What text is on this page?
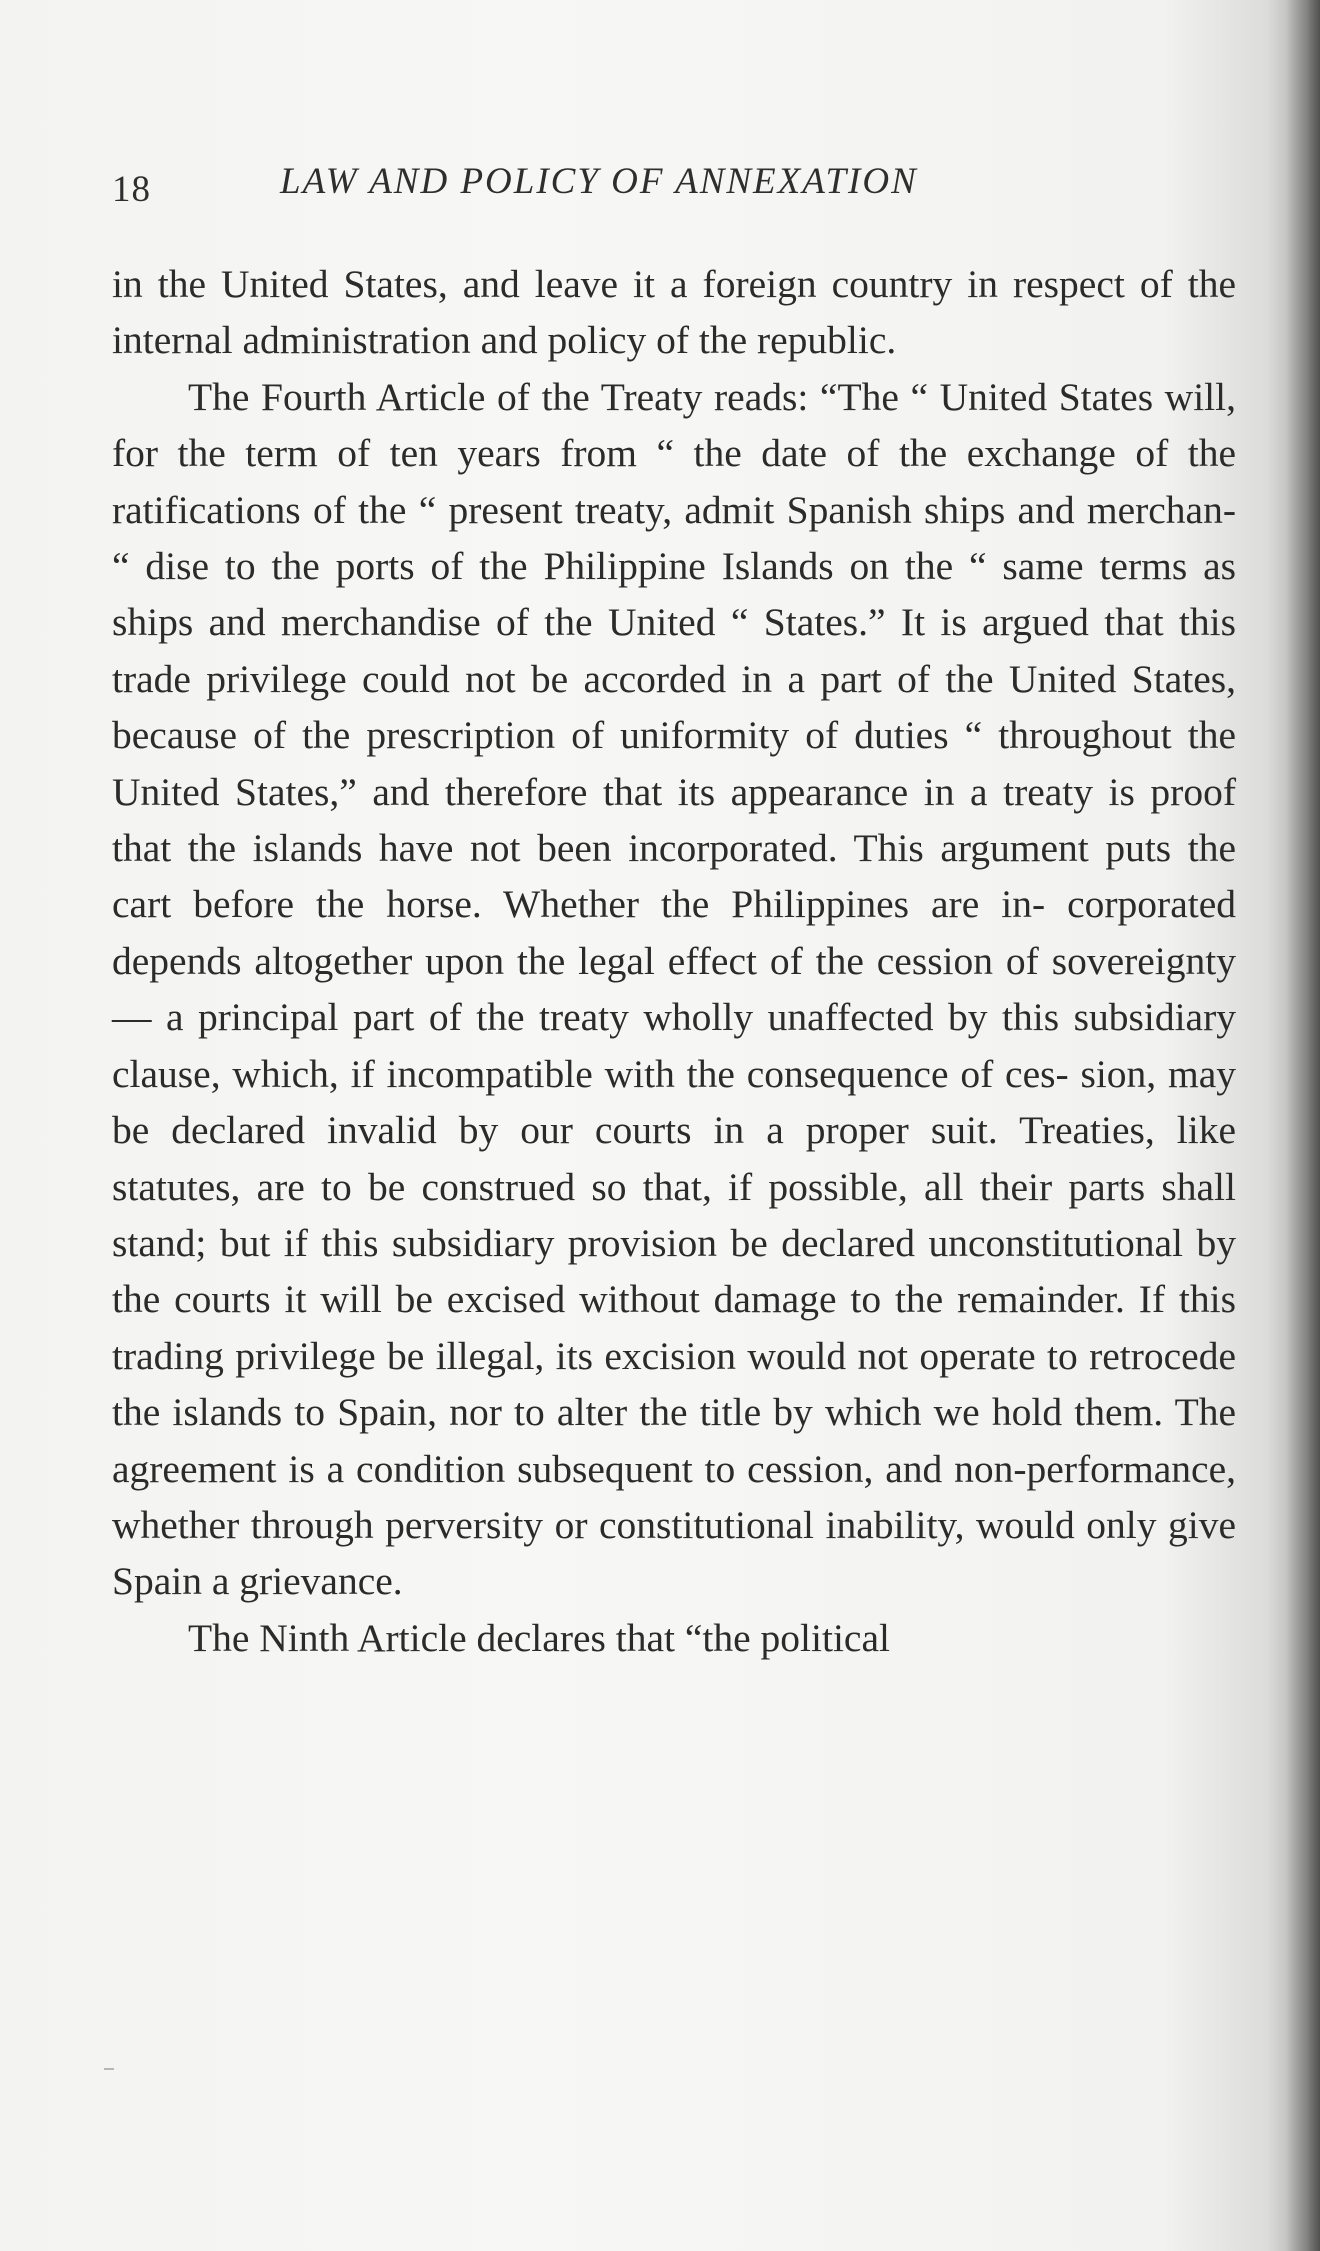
18	LAW AND POLICY OF ANNEXATION

in the United States, and leave it a foreign country in respect of the internal administration and policy of the republic.

The Fourth Article of the Treaty reads: “The “ United States will, for the term of ten years from “ the date of the exchange of the ratifications of the “ present treaty, admit Spanish ships and merchan- “ dise to the ports of the Philippine Islands on the “ same terms as ships and merchandise of the United “ States.” It is argued that this trade privilege could not be accorded in a part of the United States, because of the prescription of uniformity of duties “ throughout the United States,” and therefore that its appearance in a treaty is proof that the islands have not been incorporated. This argument puts the cart before the horse. Whether the Philippines are in- corporated depends altogether upon the legal effect of the cession of sovereignty — a principal part of the treaty wholly unaffected by this subsidiary clause, which, if incompatible with the consequence of ces- sion, may be declared invalid by our courts in a proper suit. Treaties, like statutes, are to be construed so that, if possible, all their parts shall stand; but if this subsidiary provision be declared unconstitutional by the courts it will be excised without damage to the remainder. If this trading privilege be illegal, its excision would not operate to retrocede the islands to Spain, nor to alter the title by which we hold them. The agreement is a condition subsequent to cession, and non-performance, whether through perversity or constitutional inability, would only give Spain a grievance.

The Ninth Article declares that “the political
